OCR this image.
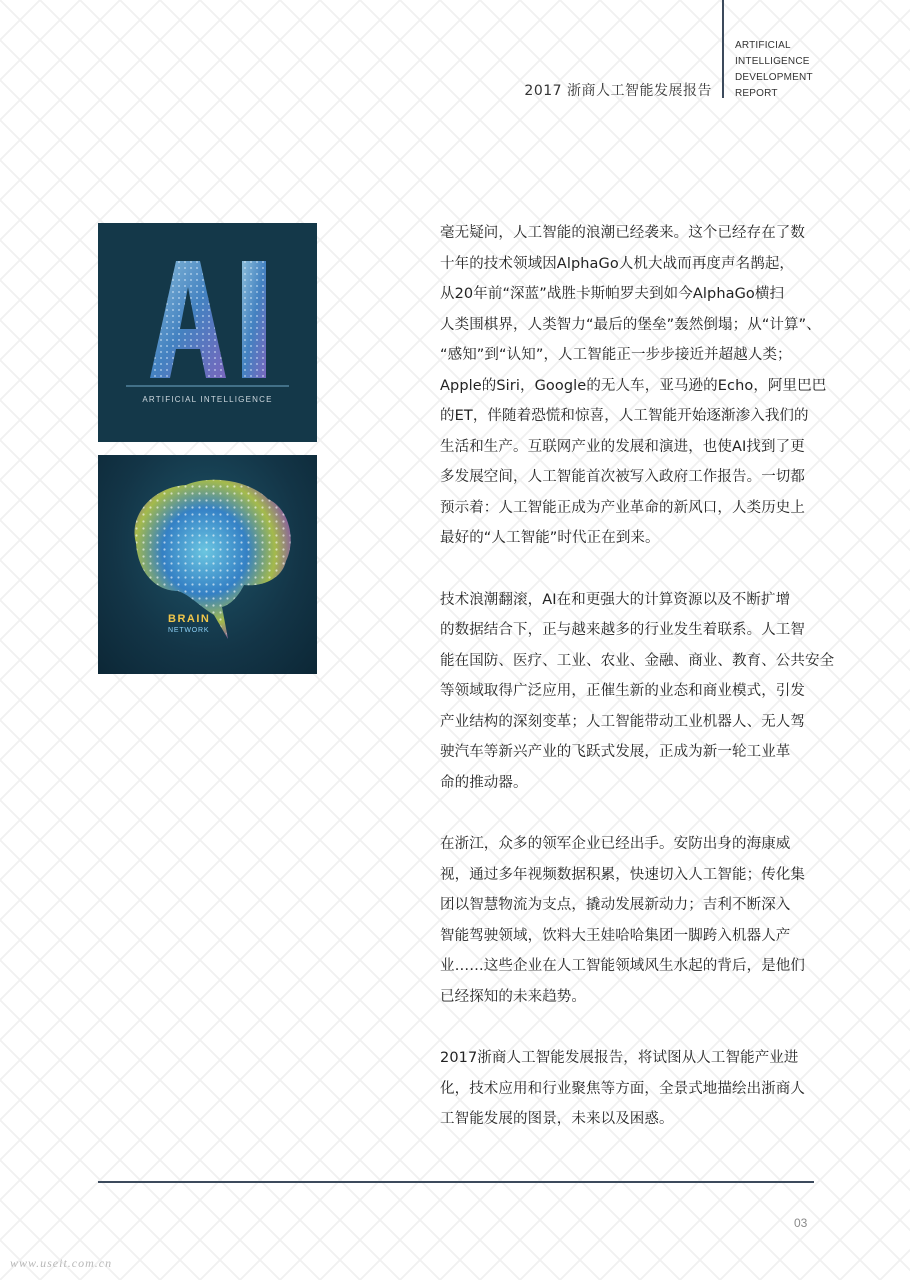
2017 浙商人工智能发展报告
ARTIFICIAL
INTELLIGENCE
DEVELOPMENT
REPORT
ARTIFICIAL INTELLIGENCE
BRAIN
NETWORK
毫无疑问，人工智能的浪潮已经袭来。这个已经存在了数
十年的技术领域因AlphaGo人机大战而再度声名鹊起，
从20年前“深蓝”战胜卡斯帕罗夫到如今AlphaGo横扫
人类围棋界，人类智力“最后的堡垒”轰然倒塌；从“计算”、
“感知”到“认知”，人工智能正一步步接近并超越人类；
Apple的Siri，Google的无人车，亚马逊的Echo，阿里巴巴
的ET，伴随着恐慌和惊喜，人工智能开始逐渐渗入我们的
生活和生产。互联网产业的发展和演进，也使AI找到了更
多发展空间，人工智能首次被写入政府工作报告。一切都
预示着：人工智能正成为产业革命的新风口，人类历史上
最好的“人工智能”时代正在到来。
技术浪潮翻滚，AI在和更强大的计算资源以及不断扩增
的数据结合下，正与越来越多的行业发生着联系。人工智
能在国防、医疗、工业、农业、金融、商业、教育、公共安全
等领域取得广泛应用，正催生新的业态和商业模式，引发
产业结构的深刻变革；人工智能带动工业机器人、无人驾
驶汽车等新兴产业的飞跃式发展，正成为新一轮工业革
命的推动器。
在浙江，众多的领军企业已经出手。安防出身的海康威
视，通过多年视频数据积累，快速切入人工智能；传化集
团以智慧物流为支点，撬动发展新动力；吉利不断深入
智能驾驶领域，饮料大王娃哈哈集团一脚跨入机器人产
业……这些企业在人工智能领域风生水起的背后，是他们
已经探知的未来趋势。
2017浙商人工智能发展报告，将试图从人工智能产业进
化，技术应用和行业聚焦等方面，全景式地描绘出浙商人
工智能发展的图景，未来以及困惑。
03
www.useit.com.cn
